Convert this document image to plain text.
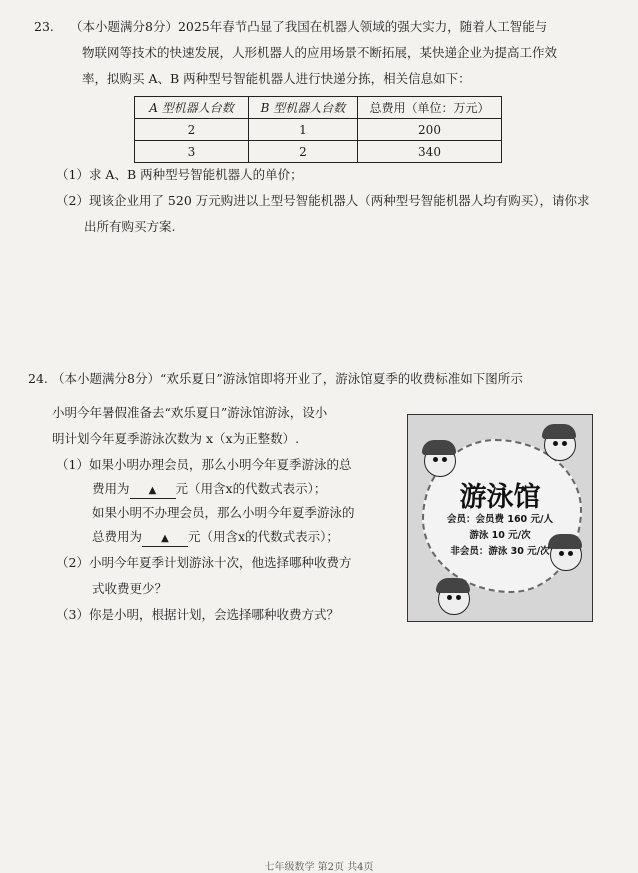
23. （本小题满分8分）2025年春节凸显了我国在机器人领域的强大实力，随着人工智能与
物联网等技术的快速发展，人形机器人的应用场景不断拓展，某快递企业为提高工作效
率，拟购买 A、B 两种型号智能机器人进行快递分拣，相关信息如下：
A 型机器人台数	B 型机器人台数	总费用（单位：万元）
2	1	200
3	2	340
（1）求 A、B 两种型号智能机器人的单价；
（2）现该企业用了 520 万元购进以上型号智能机器人（两种型号智能机器人均有购买），请你求
出所有购买方案.
24. （本小题满分8分）“欢乐夏日”游泳馆即将开业了，游泳馆夏季的收费标准如下图所示
小明今年暑假准备去“欢乐夏日”游泳馆游泳，设小
明计划今年夏季游泳次数为 x（x为正整数）.
（1）如果小明办理会员，那么小明今年夏季游泳的总
费用为 ▲ 元（用含x的代数式表示）；
如果小明不办理会员，那么小明今年夏季游泳的
总费用为 ▲ 元（用含x的代数式表示）；
（2）小明今年夏季计划游泳十次，他选择哪种收费方
式收费更少？
（3）你是小明，根据计划，会选择哪种收费方式？
游泳馆
会员：会员费 160 元/人
游泳 10 元/次
非会员：游泳 30 元/次
七年级数学 第2页 共4页
